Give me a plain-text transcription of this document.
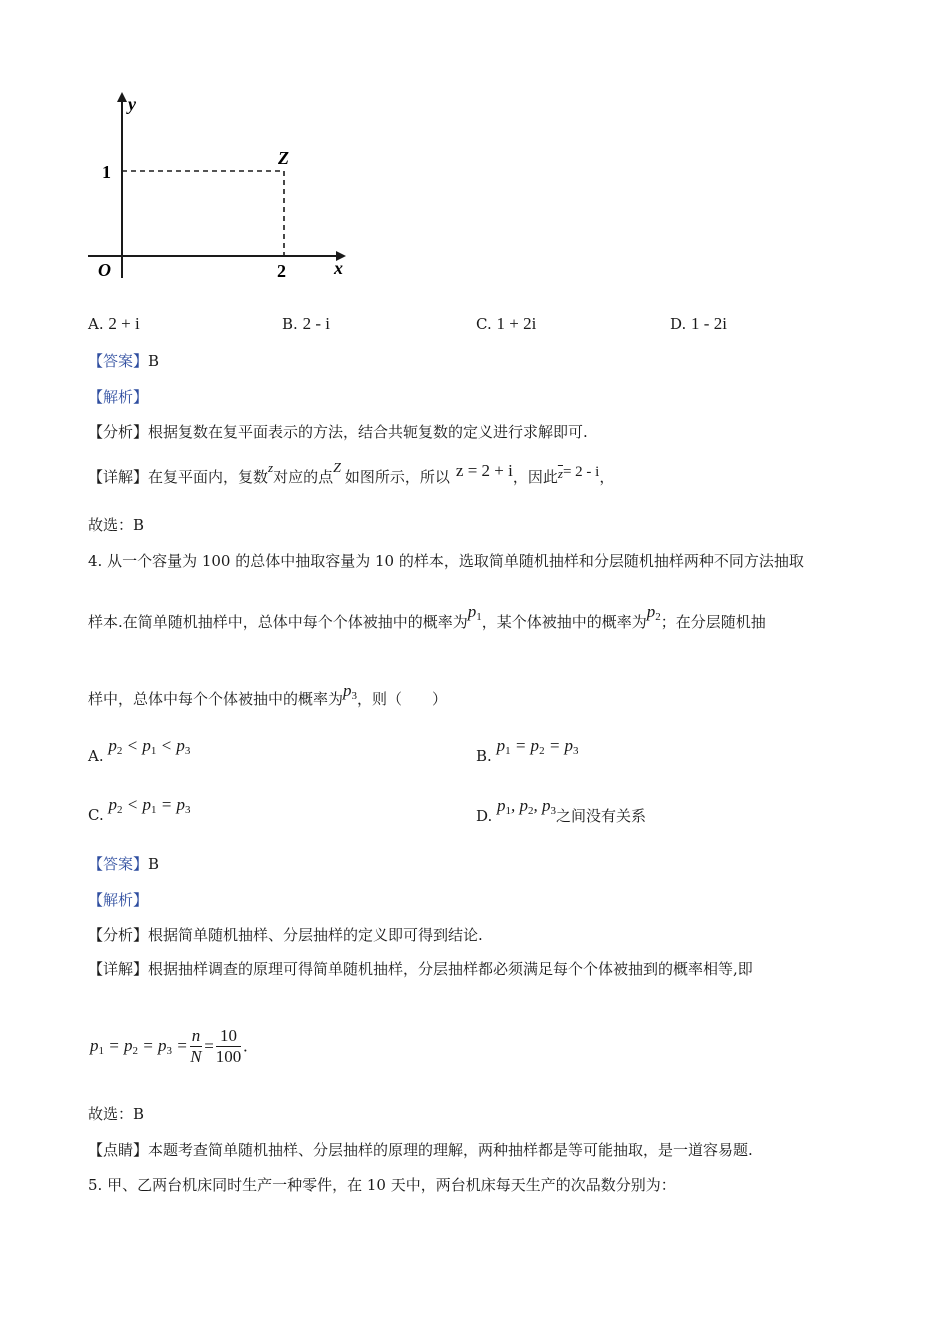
y
x
O
1
2
Z
A. 2 + i	B. 2 - i	C. 1 + 2i	D. 1 - 2i
【答案】B
【解析】
【分析】根据复数在复平面表示的方法，结合共轭复数的定义进行求解即可.
【详解】在复平面内，复数z对应的点Z 如图所示，所以 z = 2 + i，因此$\overline{z}= 2 - i$，
故选：B
4. 从一个容量为 100 的总体中抽取容量为 10 的样本，选取简单随机抽样和分层随机抽样两种不同方法抽取
样本.在简单随机抽样中，总体中每个个体被抽中的概率为$p_1$，某个体被抽中的概率为$p_2$；在分层随机抽
样中，总体中每个个体被抽中的概率为$p_3$，则（　　）
A. $p_2 < p_1 < p_3$	B. $p_1 = p_2 = p_3$
C. $p_2 < p_1 = p_3$	D. $p_1$, $p_2$, $p_3$之间没有关系
【答案】B
【解析】
【分析】根据简单随机抽样、分层抽样的定义即可得到结论.
【详解】根据抽样调查的原理可得简单随机抽样，分层抽样都必须满足每个个体被抽到的概率相等,即
$p_1 = p_2 = p_3 = \frac{n}{N} = \frac{10}{100}$ .
故选：B
【点睛】本题考查简单随机抽样、分层抽样的原理的理解，两种抽样都是等可能抽取，是一道容易题.
5. 甲、乙两台机床同时生产一种零件，在 10 天中，两台机床每天生产的次品数分别为：
